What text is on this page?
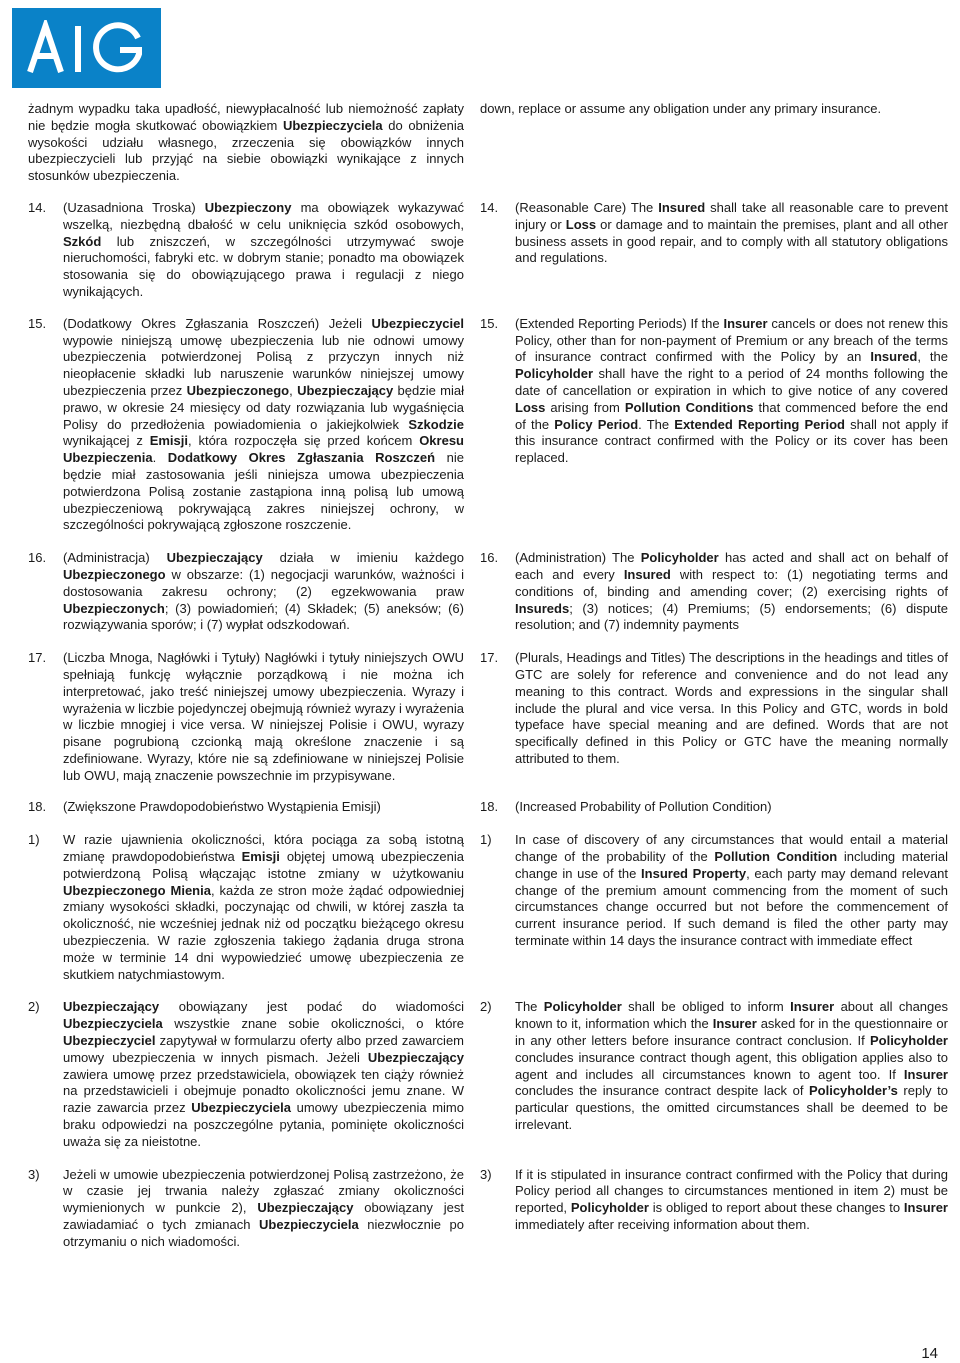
żadnym wypadku taka upadłość, niewypłacalność lub niemożność zapłaty nie będzie mogła skutkować obowiązkiem Ubezpieczyciela do obniżenia wysokości udziału własnego, zrzeczenia się obowiązków innych ubezpieczycieli lub przyjąć na siebie obowiązki wynikające z innych stosunków ubezpieczenia.

14. (Uzasadniona Troska) Ubezpieczony ma obowiązek wykazywać wszelką, niezbędną dbałość w celu uniknięcia szkód osobowych, Szkód lub zniszczeń, w szczególności utrzymywać swoje nieruchomości, fabryki etc. w dobrym stanie; ponadto ma obowiązek stosowania się do obowiązującego prawa i regulacji z niego wynikających.
15. (Dodatkowy Okres Zgłaszania Roszczeń) Jeżeli Ubezpieczyciel wypowie niniejszą umowę ubezpieczenia lub nie odnowi umowy ubezpieczenia potwierdzonej Polisą z przyczyn innych niż nieopłacenie składki lub naruszenie warunków niniejszej umowy ubezpieczenia przez Ubezpieczonego, Ubezpieczający będzie miał prawo, w okresie 24 miesięcy od daty rozwiązania lub wygaśnięcia Polisy do przedłożenia powiadomienia o jakiejkolwiek Szkodzie wynikającej z Emisji, która rozpoczęła się przed końcem Okresu Ubezpieczenia. Dodatkowy Okres Zgłaszania Roszczeń nie będzie miał zastosowania jeśli niniejsza umowa ubezpieczenia potwierdzona Polisą zostanie zastąpiona inną polisą lub umową ubezpieczeniową pokrywającą zakres niniejszej ochrony, w szczególności pokrywającą zgłoszone roszczenie.
16. (Administracja) Ubezpieczający działa w imieniu każdego Ubezpieczonego w obszarze: (1) negocjacji warunków, ważności i dostosowania zakresu ochrony; (2) egzekwowania praw Ubezpieczonych; (3) powiadomień; (4) Składek; (5) aneksów; (6) rozwiązywania sporów; i (7) wypłat odszkodowań.
17. (Liczba Mnoga, Nagłówki i Tytuły) Nagłówki i tytuły niniejszych OWU spełniają funkcję wyłącznie porządkową i nie można ich interpretować, jako treść niniejszej umowy ubezpieczenia. Wyrazy i wyrażenia w liczbie pojedynczej obejmują również wyrazy i wyrażenia w liczbie mnogiej i vice versa. W niniejszej Polisie i OWU, wyrazy pisane pogrubioną czcionką mają określone znaczenie i są zdefiniowane. Wyrazy, które nie są zdefiniowane w niniejszej Polisie lub OWU, mają znaczenie powszechnie im przypisywane.
18. (Zwiększone Prawdopodobieństwo Wystąpienia Emisji)
1) W razie ujawnienia okoliczności, która pociąga za sobą istotną zmianę prawdopodobieństwa Emisji objętej umową ubezpieczenia potwierdzoną Polisą włączając istotne zmiany w użytkowaniu Ubezpieczonego Mienia, każda ze stron może żądać odpowiedniej zmiany wysokości składki, poczynając od chwili, w której zaszła ta okoliczność, nie wcześniej jednak niż od początku bieżącego okresu ubezpieczenia. W razie zgłoszenia takiego żądania druga strona może w terminie 14 dni wypowiedzieć umowę ubezpieczenia ze skutkiem natychmiastowym.
2) Ubezpieczający obowiązany jest podać do wiadomości Ubezpieczyciela wszystkie znane sobie okoliczności, o które Ubezpieczyciel zapytywał w formularzu oferty albo przed zawarciem umowy ubezpieczenia w innych pismach. Jeżeli Ubezpieczający zawiera umowę przez przedstawiciela, obowiązek ten ciąży również na przedstawicieli i obejmuje ponadto okoliczności jemu znane. W razie zawarcia przez Ubezpieczyciela umowy ubezpieczenia mimo braku odpowiedzi na poszczególne pytania, pominięte okoliczności uważa się za nieistotne.
3) Jeżeli w umowie ubezpieczenia potwierdzonej Polisą zastrzeżono, że w czasie jej trwania należy zgłaszać zmiany okoliczności wymienionych w punkcie 2), Ubezpieczający obowiązany jest zawiadamiać o tych zmianach Ubezpieczyciela niezwłocznie po otrzymaniu o nich wiadomości.

down, replace or assume any obligation under any primary insurance.

14. (Reasonable Care) The Insured shall take all reasonable care to prevent injury or Loss or damage and to maintain the premises, plant and all other business assets in good repair, and to comply with all statutory obligations and regulations.
15. (Extended Reporting Periods) If the Insurer cancels or does not renew this Policy, other than for non-payment of Premium or any breach of the terms of insurance contract confirmed with the Policy by an Insured, the Policyholder shall have the right to a period of 24 months following the date of cancellation or expiration in which to give notice of any covered Loss arising from Pollution Conditions that commenced before the end of the Policy Period. The Extended Reporting Period shall not apply if this insurance contract confirmed with the Policy or its cover has been replaced.
16. (Administration) The Policyholder has acted and shall act on behalf of each and every Insured with respect to: (1) negotiating terms and conditions of, binding and amending cover; (2) exercising rights of Insureds; (3) notices; (4) Premiums; (5) endorsements; (6) dispute resolution; and (7) indemnity payments
17. (Plurals, Headings and Titles) The descriptions in the headings and titles of GTC are solely for reference and convenience and do not lead any meaning to this contract. Words and expressions in the singular shall include the plural and vice versa. In this Policy and GTC, words in bold typeface have special meaning and are defined. Words that are not specifically defined in this Policy or GTC have the meaning normally attributed to them.
18. (Increased Probability of Pollution Condition)
1) In case of discovery of any circumstances that would entail a material change of the probability of the Pollution Condition including material change in use of the Insured Property, each party may demand relevant change of the premium amount commencing from the moment of such circumstances change occurred but not before the commencement of current insurance period. If such demand is filed the other party may terminate within 14 days the insurance contract with immediate effect
2) The Policyholder shall be obliged to inform Insurer about all changes known to it, information which the Insurer asked for in the questionnaire or in any other letters before insurance contract conclusion. If Policyholder concludes insurance contract though agent, this obligation applies also to agent and includes all circumstances known to agent too. If Insurer concludes the insurance contract despite lack of Policyholder’s reply to particular questions, the omitted circumstances shall be deemed to be irrelevant.
3) If it is stipulated in insurance contract confirmed with the Policy that during Policy period all changes to circumstances mentioned in item 2) must be reported, Policyholder is obliged to report about these changes to Insurer immediately after receiving information about them.
14
